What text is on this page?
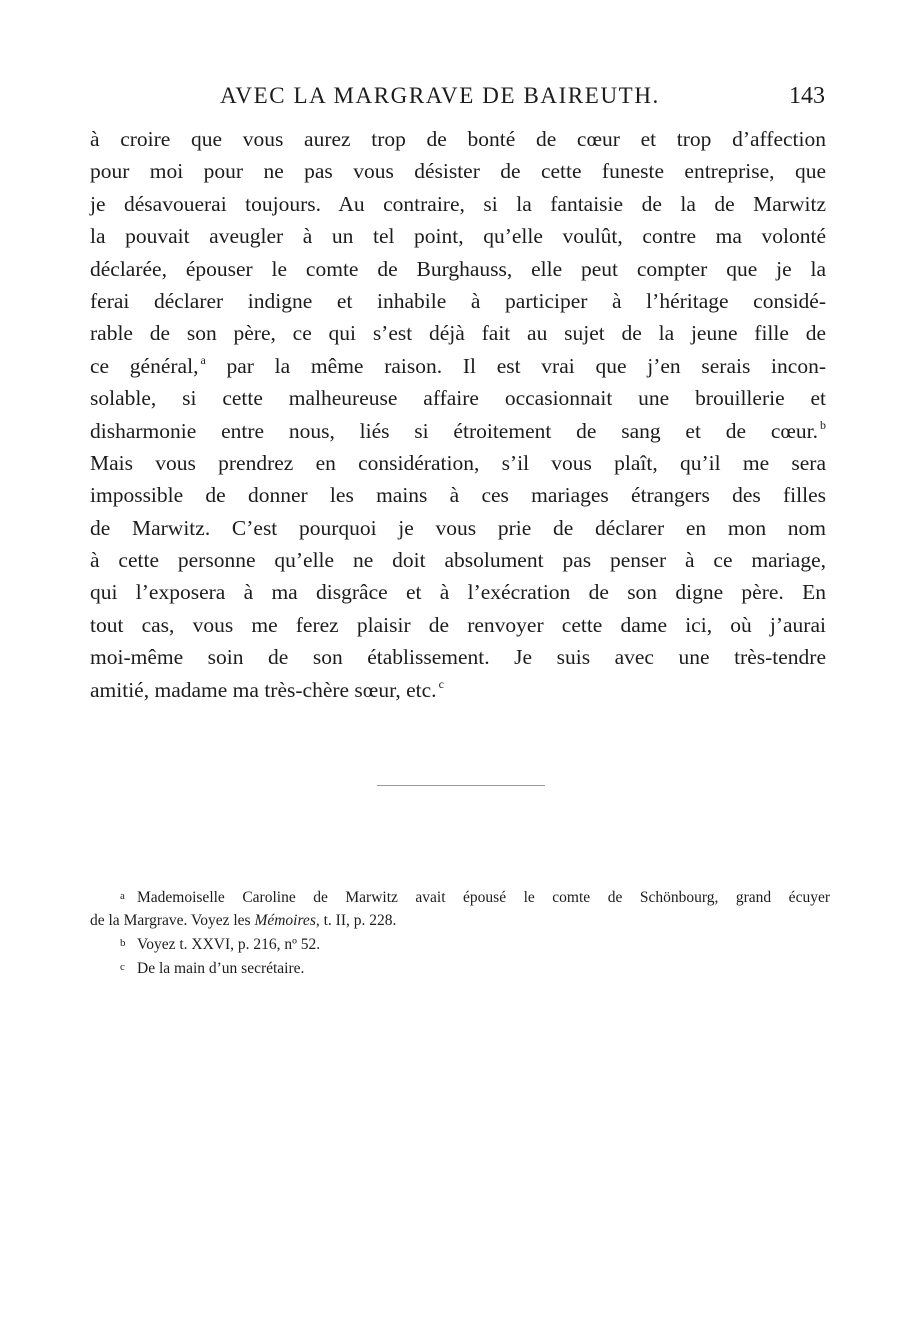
AVEC LA MARGRAVE DE BAIREUTH.	143
à croire que vous aurez trop de bonté de cœur et trop d’affection
pour moi pour ne pas vous désister de cette funeste entreprise, que
je désavouerai toujours. Au contraire, si la fantaisie de la de Marwitz
la pouvait aveugler à un tel point, qu’elle voulût, contre ma volonté
déclarée, épouser le comte de Burghauss, elle peut compter que je la
ferai déclarer indigne et inhabile à participer à l’héritage considé-
rable de son père, ce qui s’est déjà fait au sujet de la jeune fille de
ce général, $^a$ par la même raison. Il est vrai que j’en serais incon-
solable, si cette malheureuse affaire occasionnait une brouillerie et
disharmonie entre nous, liés si étroitement de sang et de cœur. $^b$
Mais vous prendrez en considération, s’il vous plaît, qu’il me sera
impossible de donner les mains à ces mariages étrangers des filles
de Marwitz. C’est pourquoi je vous prie de déclarer en mon nom
à cette personne qu’elle ne doit absolument pas penser à ce mariage,
qui l’exposera à ma disgrâce et à l’exécration de son digne père. En
tout cas, vous me ferez plaisir de renvoyer cette dame ici, où j’aurai
moi-même soin de son établissement. Je suis avec une très-tendre
amitié, madame ma très-chère sœur, etc. $^c$
a Mademoiselle Caroline de Marwitz avait épousé le comte de Schönbourg, grand écuyer
de la Margrave. Voyez les Mémoires, t. II, p. 228.
b Voyez t. XXVI, p. 216, nº 52.
c De la main d’un secrétaire.
